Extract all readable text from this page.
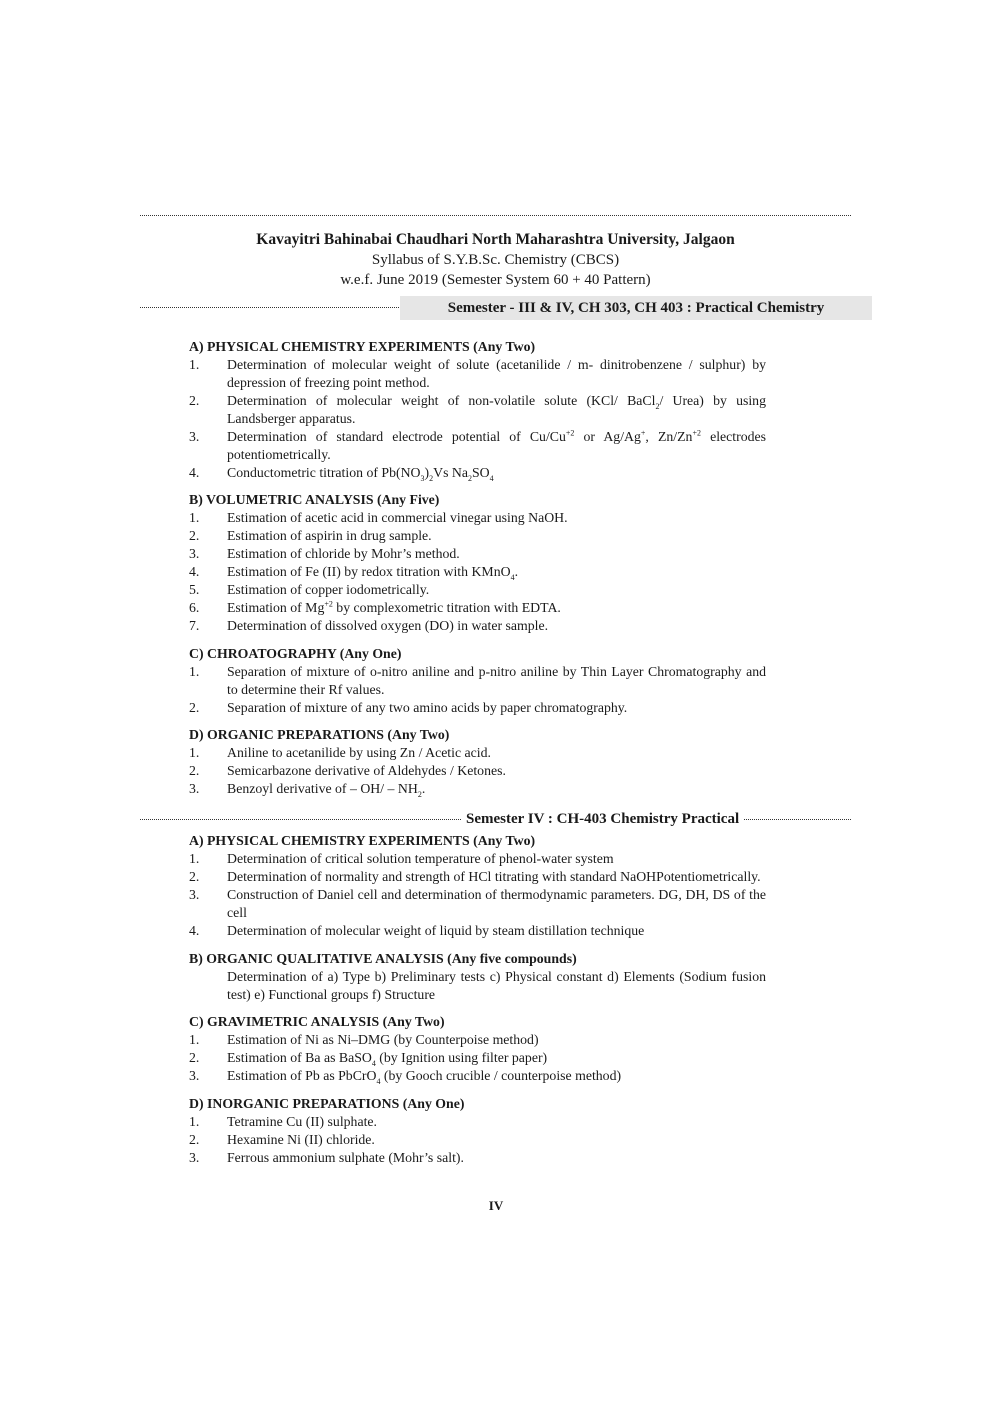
Kavayitri Bahinabai Chaudhari North Maharashtra University, Jalgaon
Syllabus of S.Y.B.Sc. Chemistry (CBCS)
w.e.f. June 2019 (Semester System 60 + 40 Pattern)
Semester - III & IV, CH 303, CH 403 : Practical Chemistry
A) PHYSICAL CHEMISTRY EXPERIMENTS (Any Two)
1.	Determination of molecular weight of solute (acetanilide / m- dinitrobenzene / sulphur) by depression of freezing point method.
2.	Determination of molecular weight of non-volatile solute (KCl/ BaCl$_2$/ Urea) by using Landsberger apparatus.
3.	Determination of standard electrode potential of $Cu/Cu^{+2}$ or Ag/Ag+, $Zn/Zn^{+2}$ electrodes potentiometrically.
4.	Conductometric titration of $Pb(NO_3)_2Vs$ $Na_2SO_4$
B) VOLUMETRIC ANALYSIS (Any Five)
1.	Estimation of acetic acid in commercial vinegar using NaOH.
2.	Estimation of aspirin in drug sample.
3.	Estimation of chloride by Mohr’s method.
4.	Estimation of Fe (II) by redox titration with KMnO$_4$.
5.	Estimation of copper iodometrically.
6.	Estimation of $Mg^{+2}$ by complexometric titration with EDTA.
7.	Determination of dissolved oxygen (DO) in water sample.
C) CHROATOGRAPHY (Any One)
1.	Separation of mixture of o-nitro aniline and p-nitro aniline by Thin Layer Chromatography and to determine their Rf values.
2.	Separation of mixture of any two amino acids by paper chromatography.
D) ORGANIC PREPARATIONS (Any Two)
1.	Aniline to acetanilide by using Zn / Acetic acid.
2.	Semicarbazone derivative of Aldehydes / Ketones.
3.	Benzoyl derivative of – $OH/ - NH_2$.
Semester IV : CH-403 Chemistry Practical
A) PHYSICAL CHEMISTRY EXPERIMENTS (Any Two)
1.	Determination of critical solution temperature of phenol-water system
2.	Determination of normality and strength of HCl titrating with standard NaOHPotentiometrically.
3.	Construction of Daniel cell and determination of thermodynamic parameters. DG, DH, DS of the cell
4.	Determination of molecular weight of liquid by steam distillation technique
B) ORGANIC QUALITATIVE ANALYSIS (Any five compounds)
Determination of a) Type b) Preliminary tests c) Physical constant d) Elements (Sodium fusion test) e) Functional groups f) Structure
C) GRAVIMETRIC ANALYSIS (Any Two)
1.	Estimation of Ni as Ni–DMG (by Counterpoise method)
2.	Estimation of Ba as BaSO$_4$ (by Ignition using filter paper)
3.	Estimation of Pb as PbCrO$_4$ (by Gooch crucible / counterpoise method)
D) INORGANIC PREPARATIONS (Any One)
1.	Tetramine Cu (II) sulphate.
2.	Hexamine Ni (II) chloride.
3.	Ferrous ammonium sulphate (Mohr’s salt).
IV
